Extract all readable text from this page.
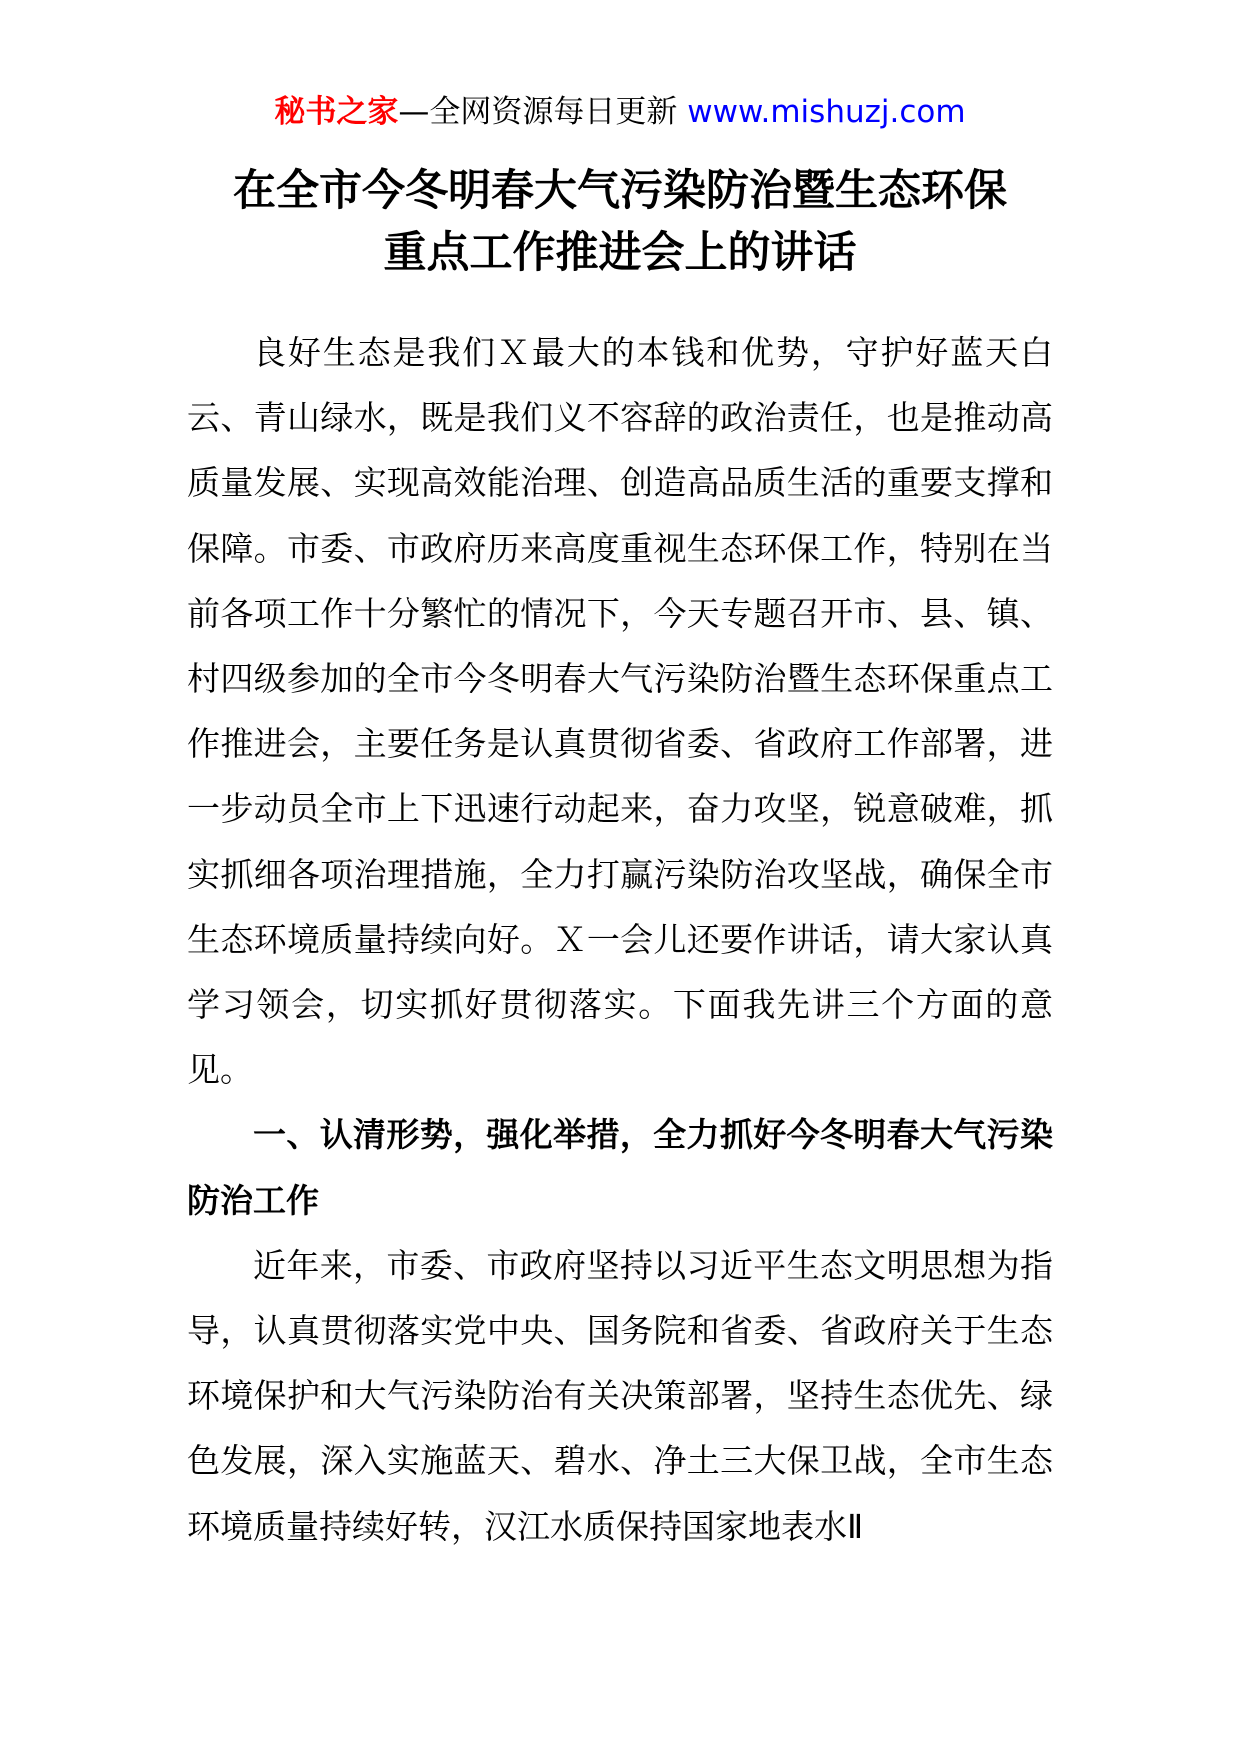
秘书之家—全网资源每日更新 www.mishuzj.com
在全市今冬明春大气污染防治暨生态环保
重点工作推进会上的讲话

良好生态是我们Ｘ最大的本钱和优势，守护好蓝天白云、青山绿水，既是我们义不容辞的政治责任，也是推动高质量发展、实现高效能治理、创造高品质生活的重要支撑和保障。市委、市政府历来高度重视生态环保工作，特别在当前各项工作十分繁忙的情况下，今天专题召开市、县、镇、村四级参加的全市今冬明春大气污染防治暨生态环保重点工作推进会，主要任务是认真贯彻省委、省政府工作部署，进一步动员全市上下迅速行动起来，奋力攻坚，锐意破难，抓实抓细各项治理措施，全力打赢污染防治攻坚战，确保全市生态环境质量持续向好。Ｘ一会儿还要作讲话，请大家认真学习领会，切实抓好贯彻落实。下面我先讲三个方面的意见。

一、认清形势，强化举措，全力抓好今冬明春大气污染防治工作

近年来，市委、市政府坚持以习近平生态文明思想为指导，认真贯彻落实党中央、国务院和省委、省政府关于生态环境保护和大气污染防治有关决策部署，坚持生态优先、绿色发展，深入实施蓝天、碧水、净土三大保卫战，全市生态环境质量持续好转，汉江水质保持国家地表水Ⅱ
